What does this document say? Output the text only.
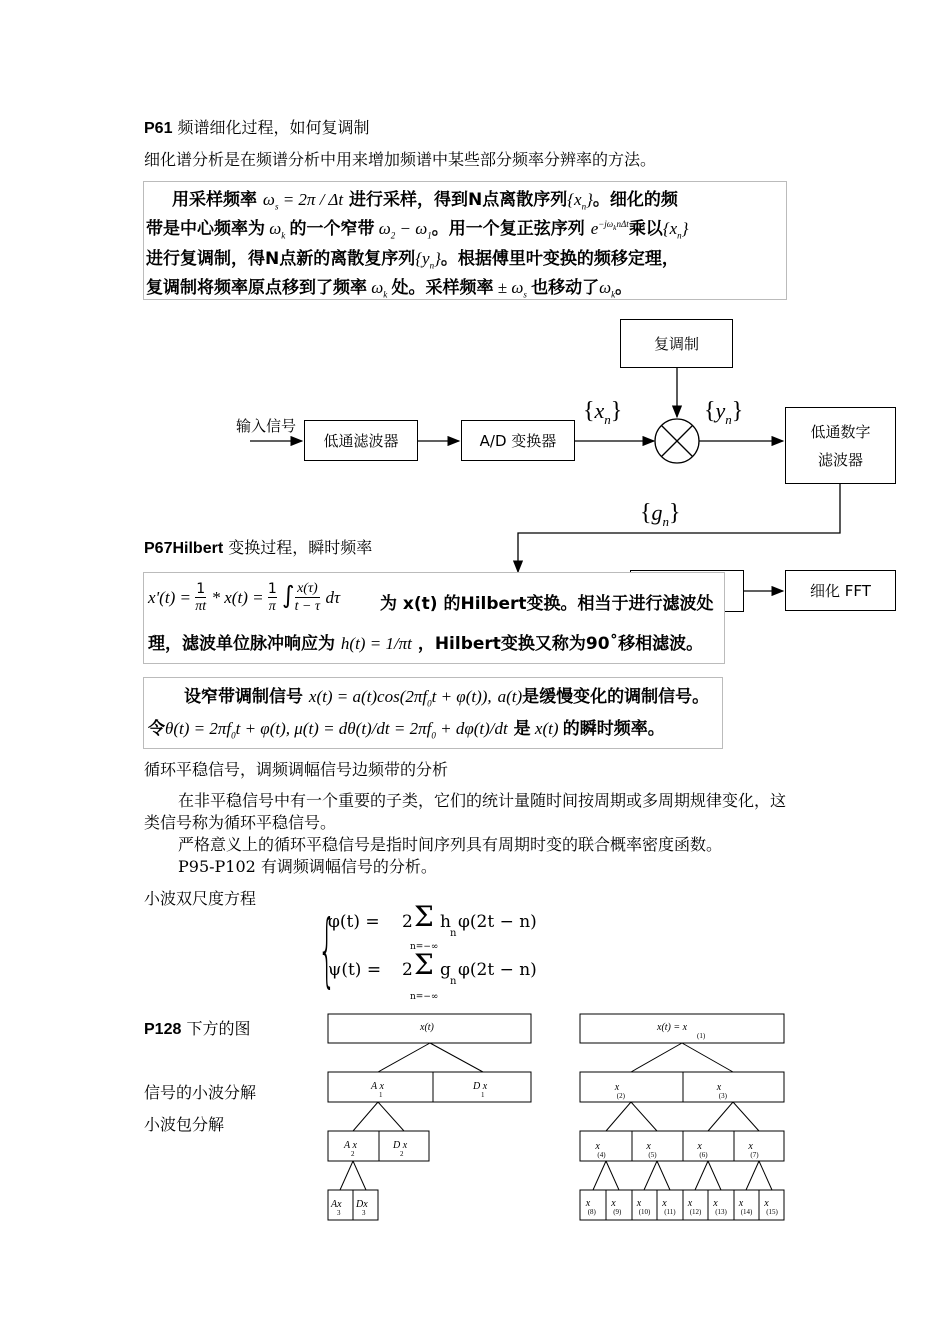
P61 频谱细化过程，如何复调制
细化谱分析是在频谱分析中用来增加频谱中某些部分频率分辨率的方法。
用采样频率 $\omega_s = 2\pi / \Delta t$ 进行采样，得到N点离散序列$\{x_n\}$。细化的频
带是中心频率为 $\omega_k$ 的一个窄带 $\omega_2 - \omega_1$。用一个复正弦序列 $e^{-j\omega_kn\Delta t}$乘以$\{x_n\}$
进行复调制，得N点新的离散复序列$\{y_n\}$。根据傅里叶变换的频移定理，
复调制将频率原点移到了频率 $\omega_k$ 处。采样频率 ± $\omega_s$ 也移动了$\omega_k$。
输入信号
低通滤波器	A/D 变换器
复调制
低通数字
滤波器
$\{x_n\}$	$\{y_n\}$
$\{g_n\}$
细化 FFT
P67Hilbert 变换过程，瞬时频率
$x'(t) = \frac{1}{\pi t} * x(t) = \frac{1}{\pi}$ ∫ $\frac{x(\tau)}{t - \tau}$ dτ 为 x(t) 的Hilbert变换。相当于进行滤波处
理，滤波单位脉冲响应为 h(t) = 1/πt ，Hilbert变换又称为90˚移相滤波。
设窄带调制信号 $x(t) = a(t)\cos(2\pi f_0t + \varphi(t))$, a(t)是缓慢变化的调制信号。
令$\theta(t) = 2\pi f_0t + \varphi(t)$, $\mu(t) = d\theta(t)/dt = 2\pi f_0 + d\varphi(t)/dt$ 是 x(t) 的瞬时频率。
循环平稳信号，调频调幅信号边频带的分析
在非平稳信号中有一个重要的子类，它们的统计量随时间按周期或多周期规律变化，这
类信号称为循环平稳信号。
严格意义上的循环平稳信号是指时间序列具有周期时变的联合概率密度函数。
P95-P102 有调频调幅信号的分析。
小波双尺度方程
{
φ(t) = 2 Σ h
n
φ(2t − n)
n=−∞
ψ(t) = 2 Σ g
n
φ(2t − n)
n=−∞
P128 下方的图
信号的小波分解
小波包分解
x(t)
A x
1
D x
1
A x
2
D x
2
Ax
3
Dx
3
x(t) = x
(1)
x
(2)
x
(3)
x
(4)
x
(5)
x
(6)
x
(7)
x
(8)
x
(9)
x
(10)
x
(11)
x
(12)
x
(13)
x
(14)
x
(15)
